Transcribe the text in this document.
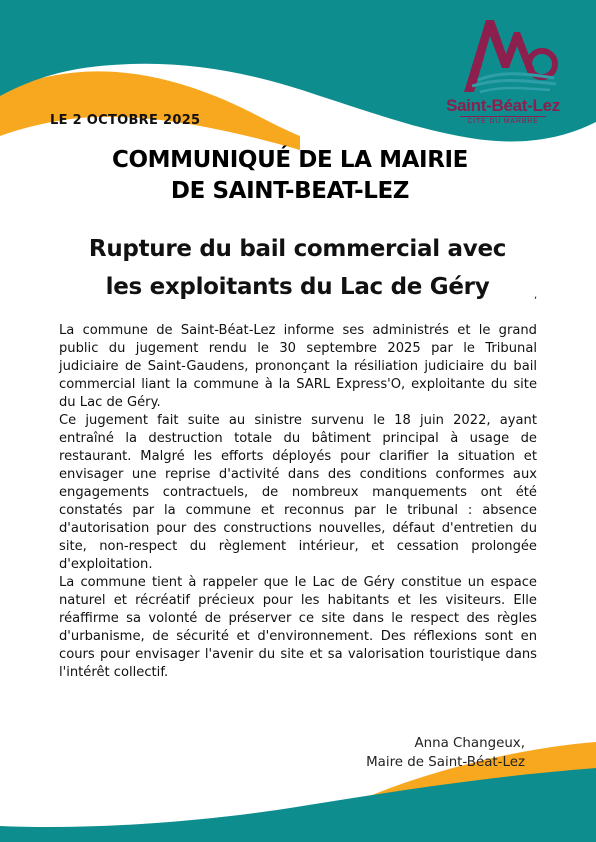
Saint-Béat-Lez
CITE DU MARBRE
LE 2 OCTOBRE 2025
COMMUNIQUÉ DE LA MAIRIE
DE SAINT-BEAT-LEZ
Rupture du bail commercial avec
les exploitants du Lac de Géry	,

La commune de Saint-Béat-Lez informe ses administrés et le grand public du jugement rendu le 30 septembre 2025 par le Tribunal judiciaire de Saint-Gaudens, prononçant la résiliation judiciaire du bail commercial liant la commune à la SARL Express'O, exploitante du site du Lac de Géry.

Ce jugement fait suite au sinistre survenu le 18 juin 2022, ayant entraîné la destruction totale du bâtiment principal à usage de restaurant. Malgré les efforts déployés pour clarifier la situation et envisager une reprise d'activité dans des conditions conformes aux engagements contractuels, de nombreux manquements ont été constatés par la commune et reconnus par le tribunal : absence d'autorisation pour des constructions nouvelles, défaut d'entretien du site, non-respect du règlement intérieur, et cessation prolongée d'exploitation.

La commune tient à rappeler que le Lac de Géry constitue un espace naturel et récréatif précieux pour les habitants et les visiteurs. Elle réaffirme sa volonté de préserver ce site dans le respect des règles d'urbanisme, de sécurité et d'environnement. Des réflexions sont en cours pour envisager l'avenir du site et sa valorisation touristique dans l'intérêt collectif.

Anna Changeux,
Maire de Saint-Béat-Lez
